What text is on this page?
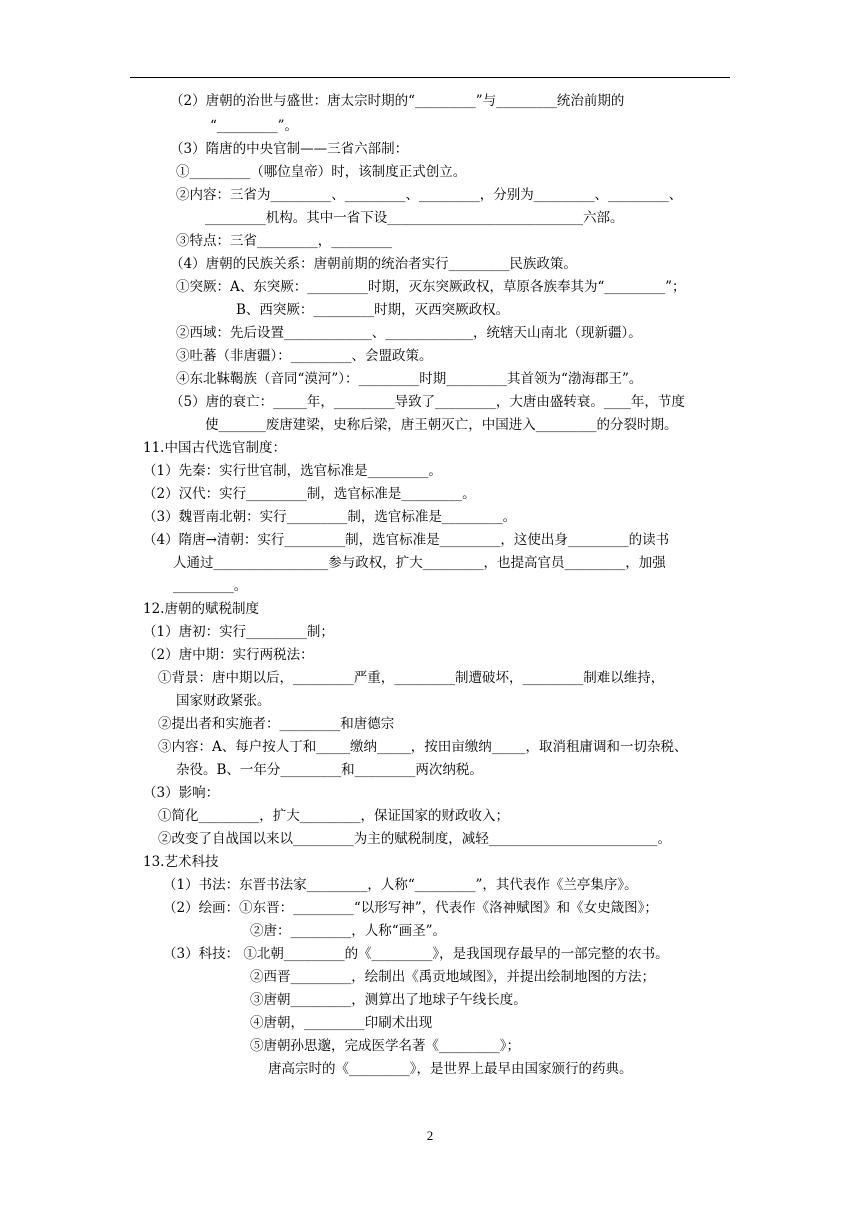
（2）唐朝的治世与盛世：唐太宗时期的“_________”与_________统治前期的
“_________”。
（3）隋唐的中央官制——三省六部制：
①_________（哪位皇帝）时，该制度正式创立。
②内容：三省为_________、_________、_________，分别为_________、_________、
_________机构。其中一省下设_____________________________六部。
③特点：三省_________，_________
（4）唐朝的民族关系：唐朝前期的统治者实行_________民族政策。
①突厥：A、东突厥：_________时期，灭东突厥政权，草原各族奉其为“_________”；
B、西突厥：_________时期，灭西突厥政权。
②西域：先后设置_____________、_____________，统辖天山南北（现新疆）。
③吐蕃（非唐疆）：_________、会盟政策。
④东北靺鞨族（音同“漠河”）：_________时期_________其首领为“渤海郡王”。
（5）唐的衰亡：_____年，_________导致了_________，大唐由盛转衰。____年，节度
使_______废唐建梁，史称后梁，唐王朝灭亡，中国进入_________的分裂时期。
11.中国古代选官制度：
（1）先秦：实行世官制，选官标准是_________。
（2）汉代：实行_________制，选官标准是_________。
（3）魏晋南北朝：实行_________制，选官标准是_________。
（4）隋唐→清朝：实行_________制，选官标准是_________，这使出身_________的读书
人通过_________________参与政权，扩大_________，也提高官员_________，加强
_________。
12.唐朝的赋税制度
（1）唐初：实行_________制；
（2）唐中期：实行两税法：
①背景：唐中期以后，_________严重，_________制遭破坏，_________制难以维持，
国家财政紧张。
②提出者和实施者：_________和唐德宗
③内容：A、每户按人丁和_____缴纳_____，按田亩缴纳_____，取消租庸调和一切杂税、
杂役。B、一年分_________和_________两次纳税。
（3）影响：
①简化_________，扩大_________，保证国家的财政收入；
②改变了自战国以来以_________为主的赋税制度，减轻_________________________。
13.艺术科技
（1）书法：东晋书法家_________，人称“_________”，其代表作《兰亭集序》。
（2）绘画：①东晋：_________“以形写神”，代表作《洛神赋图》和《女史箴图》；
②唐：_________，人称“画圣”。
（3）科技： ①北朝_________的《_________》，是我国现存最早的一部完整的农书。
②西晋_________，绘制出《禹贡地域图》，并提出绘制地图的方法；
③唐朝_________，测算出了地球子午线长度。
④唐朝，_________印刷术出现
⑤唐朝孙思邈，完成医学名著《_________》；
唐高宗时的《_________》，是世界上最早由国家颁行的药典。
2
